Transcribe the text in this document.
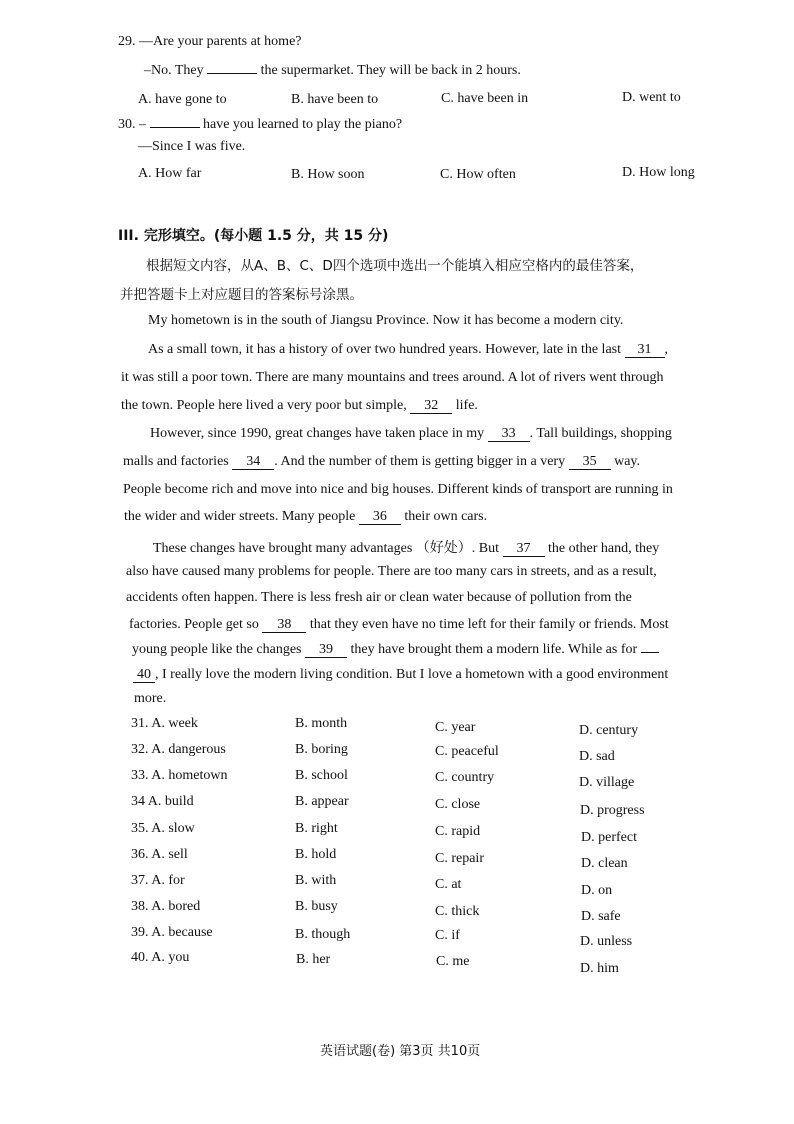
29. —Are your parents at home?
–No. They	the supermarket. They will be back in 2 hours.
A. have gone to	B. have been to	C. have been in	D. went to
30. –	have you learned to play the piano?
—Since I was five.
A. How far	B. How soon	C. How often	D. How long
III. 完形填空。(每小题 1.5 分，共 15 分)
根据短文内容，从A、B、C、D四个选项中选出一个能填入相应空格内的最佳答案，
并把答题卡上对应题目的答案标号涂黑。
My hometown is in the south of Jiangsu Province. Now it has become a modern city.
As a small town, it has a history of over two hundred years. However, late in the last 31 ,
it was still a poor town. There are many mountains and trees around. A lot of rivers went through
the town. People here lived a very poor but simple, 32 life.
However, since 1990, great changes have taken place in my 33 . Tall buildings, shopping
malls and factories 34 . And the number of them is getting bigger in a very 35 way.
People become rich and move into nice and big houses. Different kinds of transport are running in
the wider and wider streets. Many people 36 their own cars.
These changes have brought many advantages （好处）. But 37 the other hand, they
also have caused many problems for people. There are too many cars in streets, and as a result,
accidents often happen. There is less fresh air or clean water because of pollution from the
factories. People get so 38 that they even have no time left for their family or friends. Most
young people like the changes 39 they have brought them a modern life. While as for
40 , I really love the modern living condition. But I love a hometown with a good environment
more.
31. A. week	B. month	C. year	D. century
32. A. dangerous	B. boring	C. peaceful	D. sad
33. A. hometown	B. school	C. country	D. village
34 A. build	B. appear	C. close	D. progress
35. A. slow	B. right	C. rapid	D. perfect
36. A. sell	B. hold	C. repair	D. clean
37. A. for	B. with	C. at	D. on
38. A. bored	B. busy	C. thick	D. safe
39. A. because	B. though	C. if	D. unless
40. A. you	B. her	C. me	D. him
英语试题(卷) 第3页 共10页
